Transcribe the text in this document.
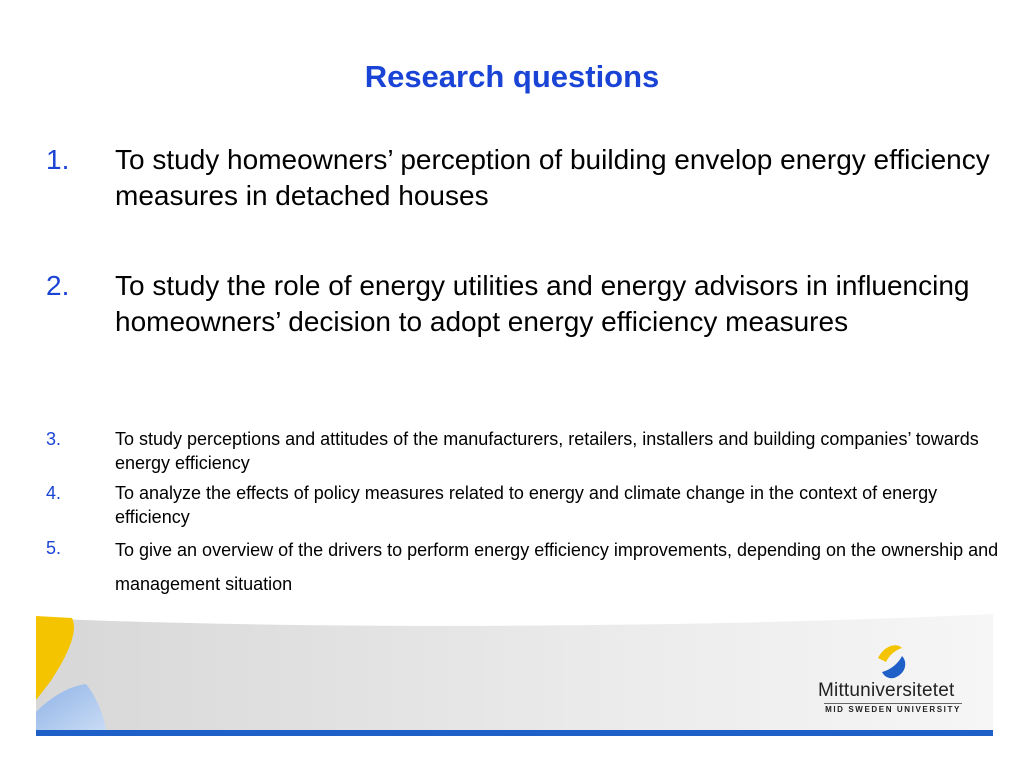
Research questions
1. To study homeowners’ perception of building envelop energy efficiency measures in detached houses
2. To study the role of energy utilities and energy advisors in influencing homeowners’ decision to adopt energy efficiency measures
3.	To study perceptions and attitudes of the manufacturers, retailers, installers and building companies’ towards energy efficiency
4.	To analyze the effects of policy measures related to energy and climate change in the context of energy efficiency
5.	To give an overview of the drivers to perform energy efficiency improvements, depending on the ownership and management situation
Mittuniversitetet
MID SWEDEN UNIVERSITY
